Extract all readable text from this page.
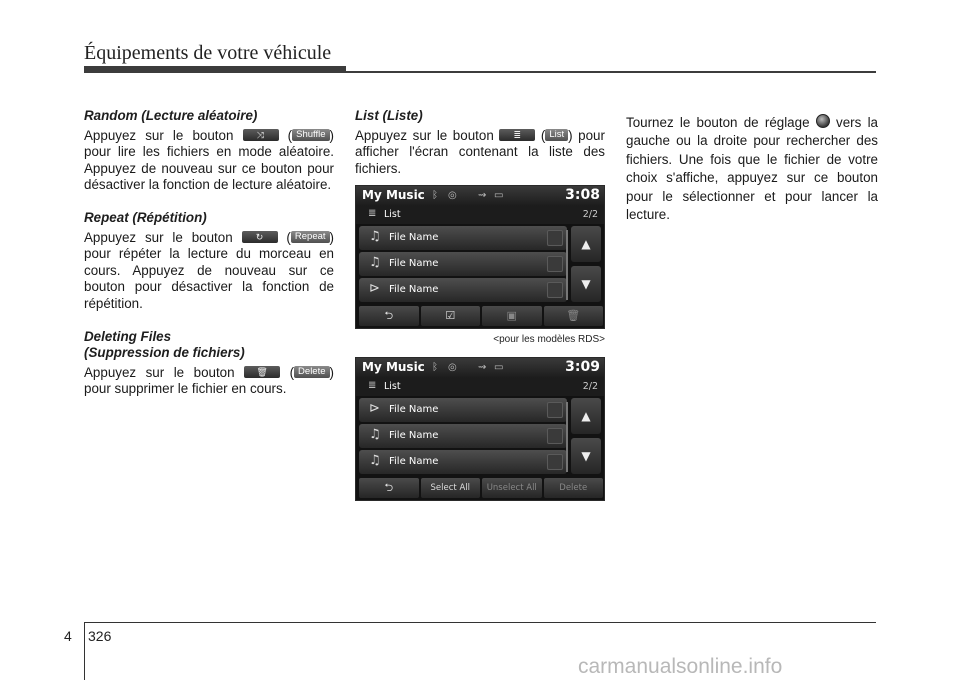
Équipements de votre véhicule
Random (Lecture aléatoire)
Appuyez sur le bouton	⤨ ( Shuffle ) pour lire les fichiers en mode aléatoire. Appuyez de nouveau sur ce bouton pour désactiver la fonction de lecture aléatoire.
Repeat (Répétition)
Appuyez sur le bouton	↻ ( Repeat ) pour répéter la lecture du morceau en cours. Appuyez de nouveau sur ce bouton pour désactiver la fonction de répétition.
Deleting Files
(Suppression de fichiers)
Appuyez sur le bouton 🗑 ( Delete ) pour supprimer le fichier en cours.
List (Liste)
Appuyez sur le bouton ≣ ( List ) pour afficher l'écran contenant la liste des fichiers.
My Music ᛒ ◎ ⇝ ▭	3:08
≣ List	2/2
♫ File Name
♫ File Name
⊳ File Name
▲
▼
⮌	☑	▣	🗑
<pour les modèles RDS>
My Music ᛒ ◎ ⇝ ▭	3:09
≣ List	2/2
⊳ File Name
♫ File Name
♫ File Name
▲
▼
⮌	Select All	Unselect All	Delete
Tournez le bouton de réglage vers la gauche ou la droite pour rechercher des fichiers. Une fois que le fichier de votre choix s'affiche, appuyez sur ce bouton pour le sélectionner et pour lancer la lecture.
4 326
carmanualsonline.info
